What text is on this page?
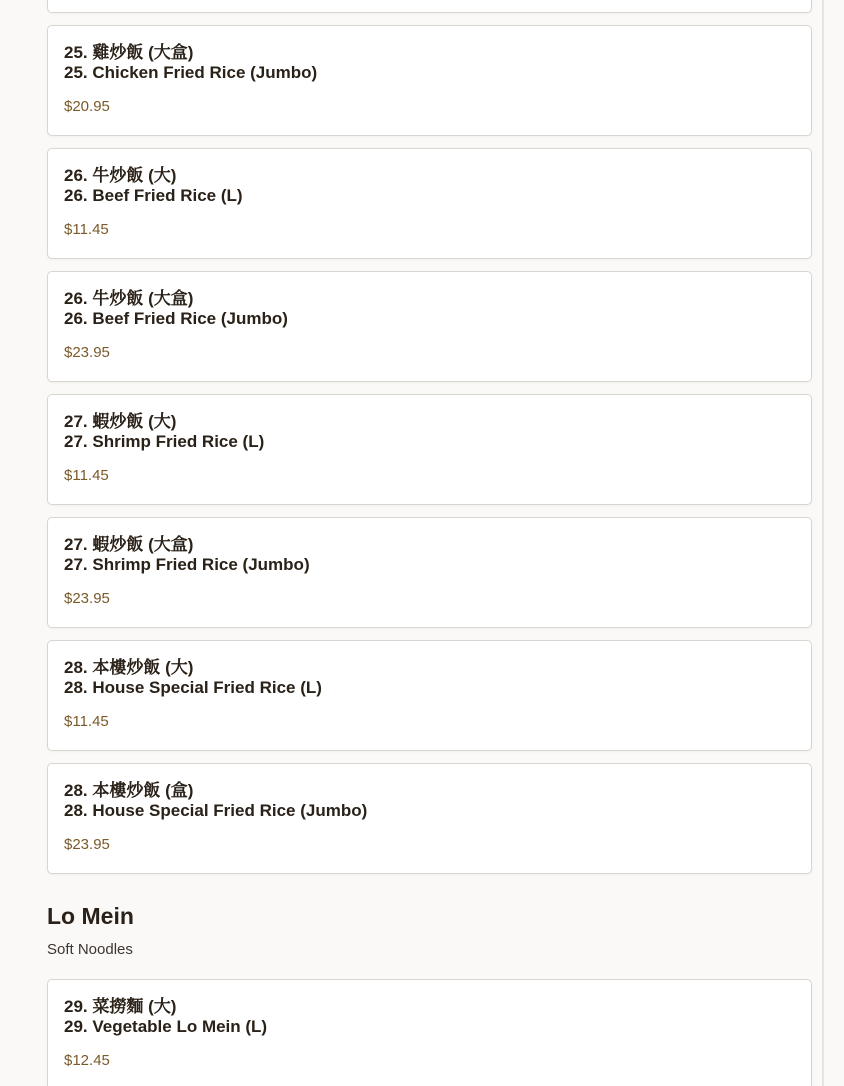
25. 雞炒飯 (大盒)
25. Chicken Fried Rice (Jumbo)
$20.95
26. 牛炒飯 (大)
26. Beef Fried Rice (L)
$11.45
26. 牛炒飯 (大盒)
26. Beef Fried Rice (Jumbo)
$23.95
27. 蝦炒飯 (大)
27. Shrimp Fried Rice (L)
$11.45
27. 蝦炒飯 (大盒)
27. Shrimp Fried Rice (Jumbo)
$23.95
28. 本樓炒飯 (大)
28. House Special Fried Rice (L)
$11.45
28. 本樓炒飯 (盒)
28. House Special Fried Rice (Jumbo)
$23.95
Lo Mein
Soft Noodles
29. 菜撈麵 (大)
29. Vegetable Lo Mein (L)
$12.45
